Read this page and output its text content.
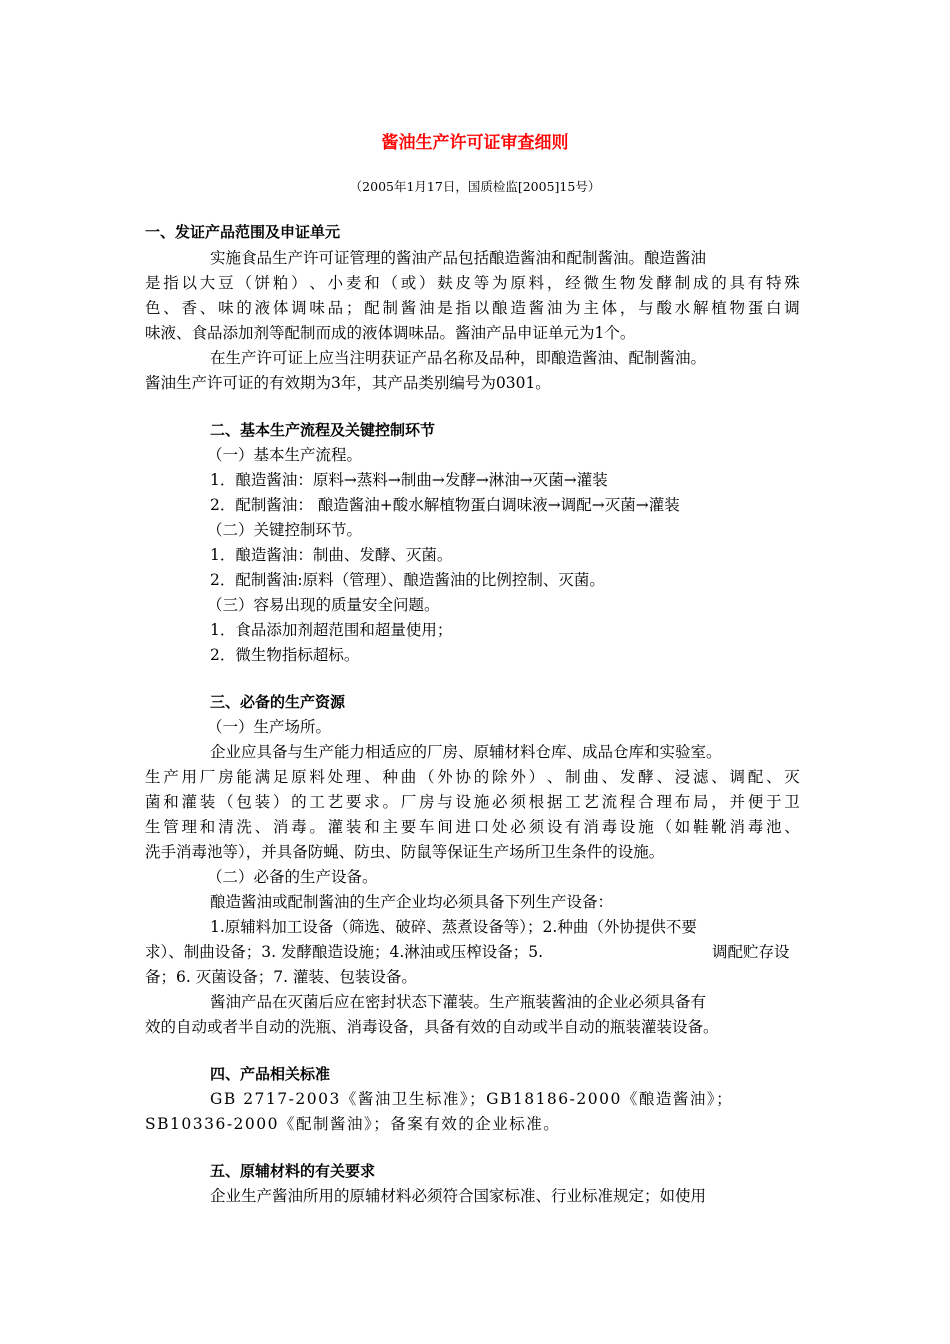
酱油生产许可证审查细则
（2005年1月17日，国质检监[2005]15号）
一、发证产品范围及申证单元
实施食品生产许可证管理的酱油产品包括酿造酱油和配制酱油。酿造酱油
是 指 以 大 豆 （ 饼 粕 ） 、 小 麦 和 （ 或 ） 麸 皮 等 为 原 料 ， 经 微 生 物 发 酵 制 成 的 具 有 特 殊
色 、 香 、 味 的 液 体 调 味 品 ； 配 制 酱 油 是 指 以 酿 造 酱 油 为 主 体 ， 与 酸 水 解 植 物 蛋 白 调
味液、食品添加剂等配制而成的液体调味品。酱油产品申证单元为1个。
在生产许可证上应当注明获证产品名称及品种，即酿造酱油、配制酱油。
酱油生产许可证的有效期为3年，其产品类别编号为0301。
二、基本生产流程及关键控制环节
（一）基本生产流程。
1．酿造酱油：原料→蒸料→制曲→发酵→淋油→灭菌→灌装
2．配制酱油： 酿造酱油+酸水解植物蛋白调味液→调配→灭菌→灌装
（二）关键控制环节。
1．酿造酱油：制曲、发酵、灭菌。
2．配制酱油:原料（管理）、酿造酱油的比例控制、灭菌。
（三）容易出现的质量安全问题。
1．食品添加剂超范围和超量使用；
2．微生物指标超标。
三、必备的生产资源
（一）生产场所。
企业应具备与生产能力相适应的厂房、原辅材料仓库、成品仓库和实验室。
生 产 用 厂 房 能 满 足 原 料 处 理 、 种 曲 （ 外 协 的 除 外 ） 、 制 曲 、 发 酵 、 浸 滤 、 调 配 、 灭
菌 和 灌 装 （ 包 装 ） 的 工 艺 要 求 。 厂 房 与 设 施 必 须 根 据 工 艺 流 程 合 理 布 局 ， 并 便 于 卫
生 管 理 和 清 洗 、 消 毒 。 灌 装 和 主 要 车 间 进 口 处 必 须 设 有 消 毒 设 施 （ 如 鞋 靴 消 毒 池 、
洗手消毒池等），并具备防蝇、防虫、防鼠等保证生产场所卫生条件的设施。
（二）必备的生产设备。
酿造酱油或配制酱油的生产企业均必须具备下列生产设备：
1.原辅料加工设备（筛选、破碎、蒸煮设备等）；2.种曲（外协提供不要
求）、制曲设备；3. 发酵酿造设施；4.淋油或压榨设备；5.	调配贮存设
备；6. 灭菌设备；7. 灌装、包装设备。
酱油产品在灭菌后应在密封状态下灌装。生产瓶装酱油的企业必须具备有
效的自动或者半自动的洗瓶、消毒设备，具备有效的自动或半自动的瓶装灌装设备。
四、产品相关标准
GB 2717-2003《酱油卫生标准》；GB18186-2000《酿造酱油》；
SB10336-2000《配制酱油》；备案有效的企业标准。
五、原辅材料的有关要求
企业生产酱油所用的原辅材料必须符合国家标准、行业标准规定；如使用
